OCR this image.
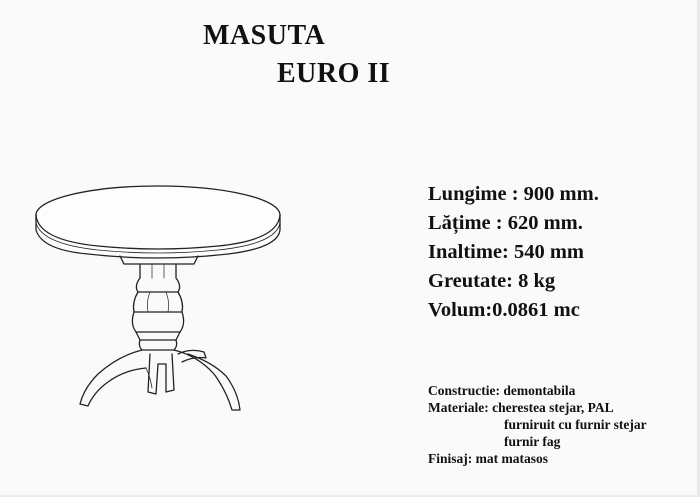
MASUTA
EURO II
Lungime : 900 mm.
Lățime : 620 mm.
Inaltime: 540 mm
Greutate: 8 kg
Volum:0.0861 mc
Constructie: demontabila
Materiale: cherestea stejar, PAL
furniruit cu furnir stejar
furnir fag
Finisaj: mat matasos
